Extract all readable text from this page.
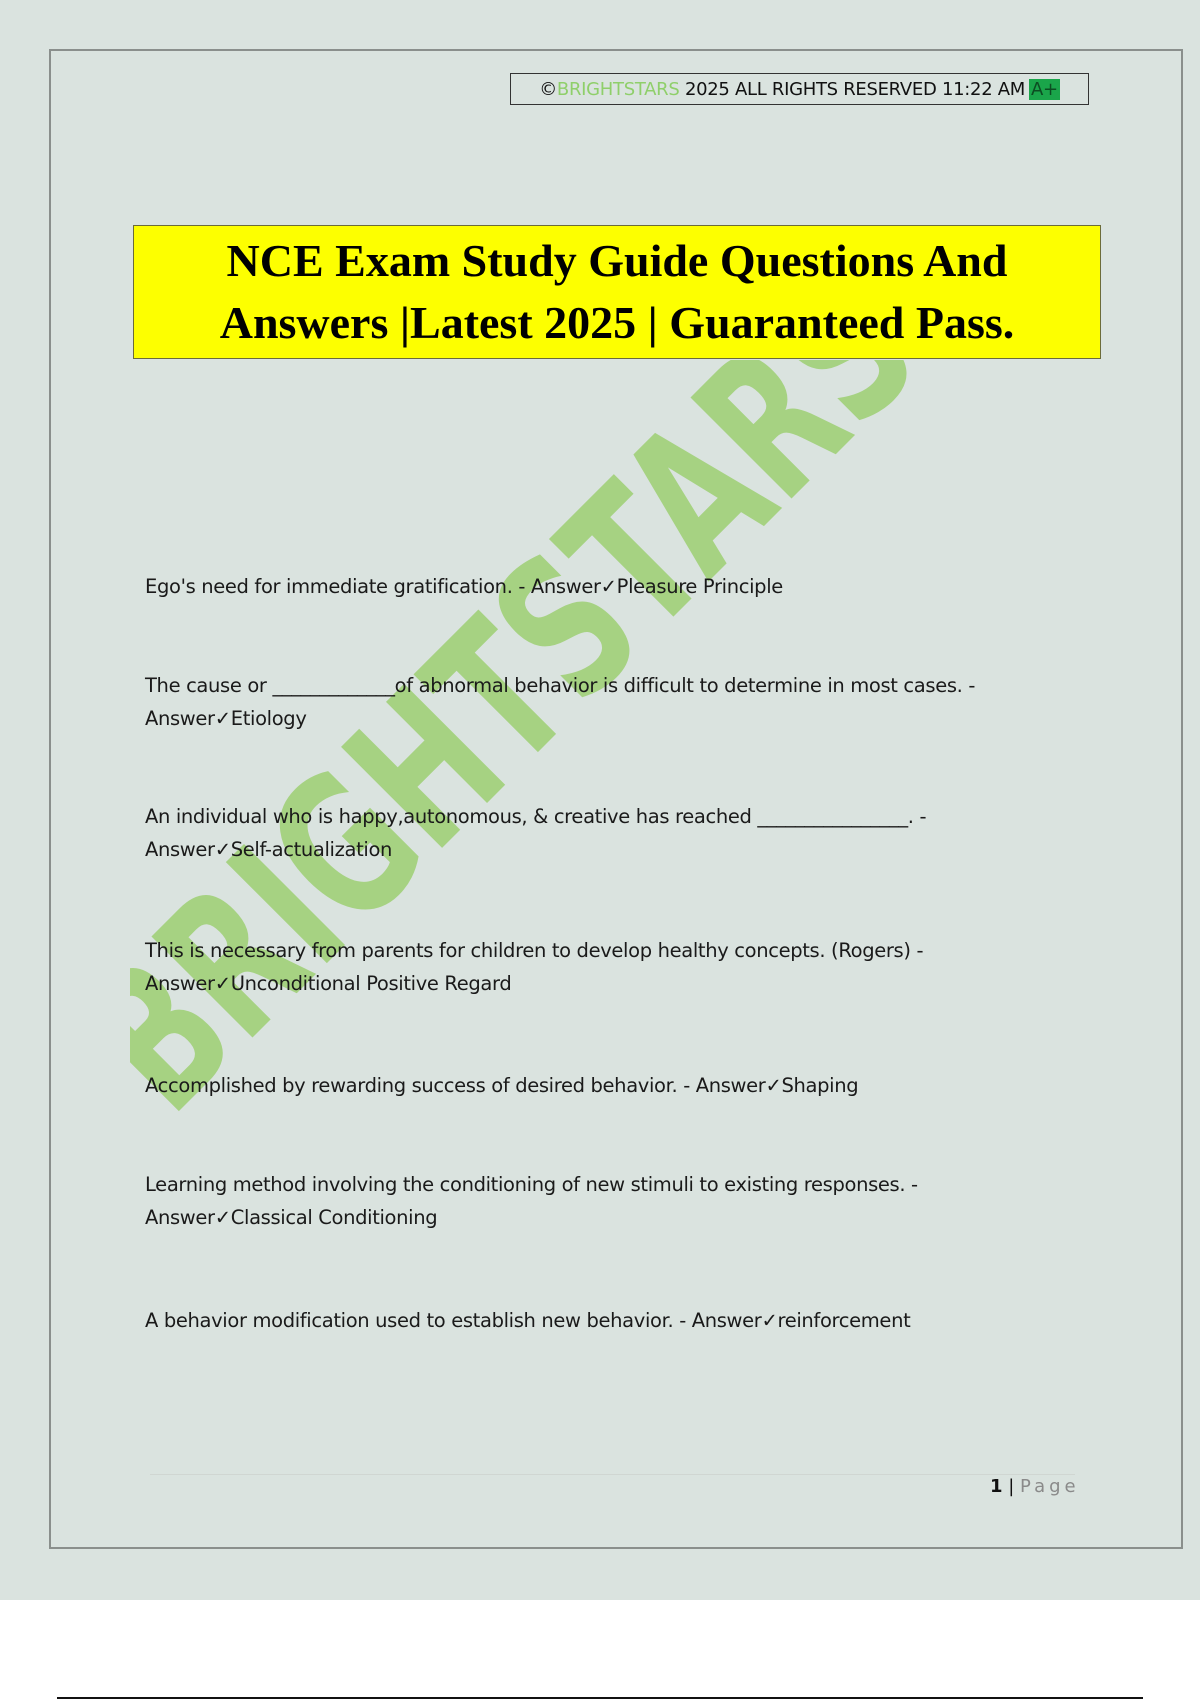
© BRIGHTSTARS
2025 ALL RIGHTS RESERVED 11:22 AM A+
NCE Exam Study Guide Questions And
Answers |Latest 2025 | Guaranteed Pass.
Ego's need for immediate gratification. - Answer✓Pleasure Principle
The cause or _____________of abnormal behavior is difficult to determine in most cases. - Answer✓Etiology
An individual who is happy,autonomous, & creative has reached ________________. - Answer✓Self-actualization
This is necessary from parents for children to develop healthy concepts. (Rogers) - Answer✓Unconditional Positive Regard
Accomplished by rewarding success of desired behavior. - Answer✓Shaping
Learning method involving the conditioning of new stimuli to existing responses. - Answer✓Classical Conditioning
A behavior modification used to establish new behavior. - Answer✓reinforcement
1 | Page
